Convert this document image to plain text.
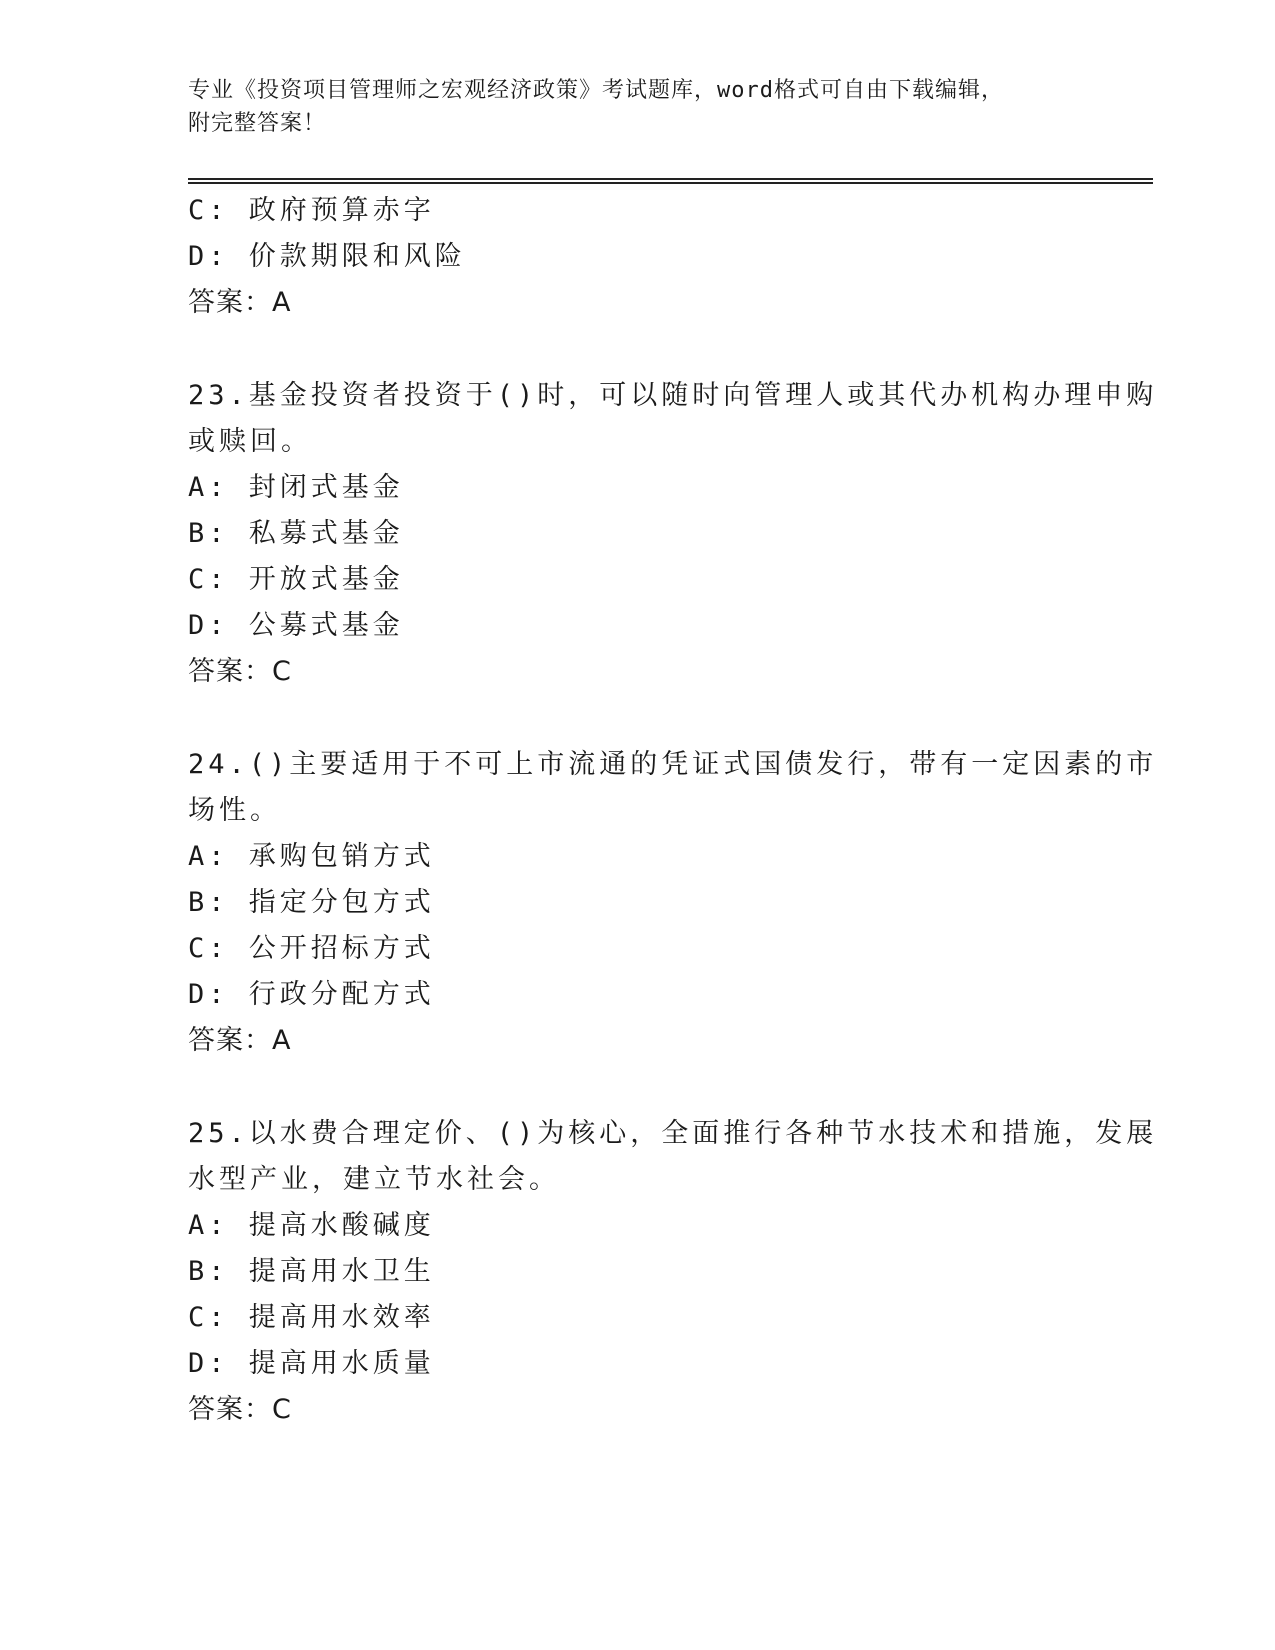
专业《投资项目管理师之宏观经济政策》考试题库，word格式可自由下载编辑，
附完整答案！
C: 政府预算赤字
D: 价款期限和风险
答案：A
23.基金投资者投资于()时，可以随时向管理人或其代办机构办理申购
或赎回。
A: 封闭式基金
B: 私募式基金
C: 开放式基金
D: 公募式基金
答案：C
24.()主要适用于不可上市流通的凭证式国债发行，带有一定因素的市
场性。
A: 承购包销方式
B: 指定分包方式
C: 公开招标方式
D: 行政分配方式
答案：A
25.以水费合理定价、()为核心，全面推行各种节水技术和措施，发展
水型产业，建立节水社会。
A: 提高水酸碱度
B: 提高用水卫生
C: 提高用水效率
D: 提高用水质量
答案：C
